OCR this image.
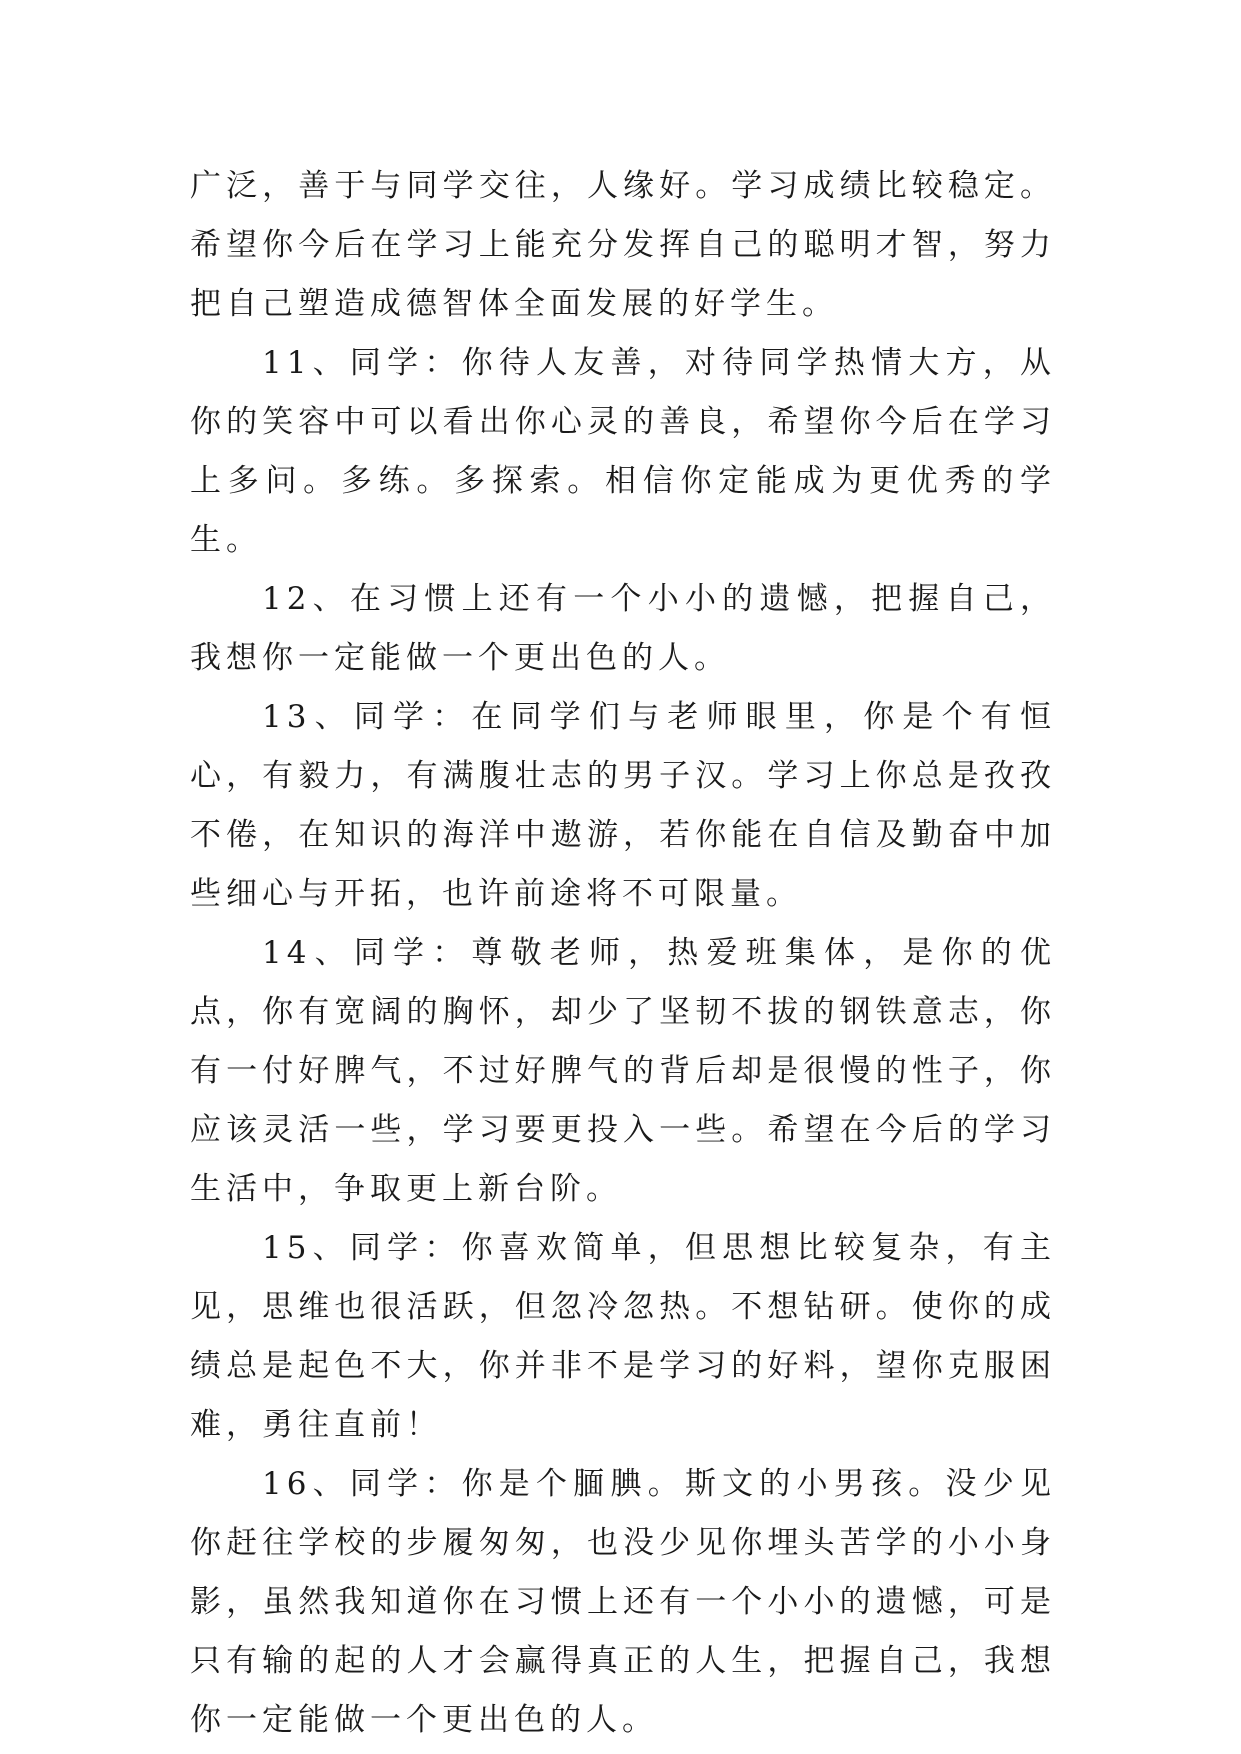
广泛，善于与同学交往，人缘好。学习成绩比较稳定。希望你今后在学习上能充分发挥自己的聪明才智，努力把自己塑造成德智体全面发展的好学生。

11、同学：你待人友善，对待同学热情大方，从你的笑容中可以看出你心灵的善良，希望你今后在学习上多问。多练。多探索。相信你定能成为更优秀的学生。

12、在习惯上还有一个小小的遗憾，把握自己，我想你一定能做一个更出色的人。

13、同学：在同学们与老师眼里，你是个有恒心，有毅力，有满腹壮志的男子汉。学习上你总是孜孜不倦，在知识的海洋中遨游，若你能在自信及勤奋中加些细心与开拓，也许前途将不可限量。

14、同学：尊敬老师，热爱班集体，是你的优点，你有宽阔的胸怀，却少了坚韧不拔的钢铁意志，你有一付好脾气，不过好脾气的背后却是很慢的性子，你应该灵活一些，学习要更投入一些。希望在今后的学习生活中，争取更上新台阶。

15、同学：你喜欢简单，但思想比较复杂，有主见，思维也很活跃，但忽冷忽热。不想钻研。使你的成绩总是起色不大，你并非不是学习的好料，望你克服困难，勇往直前！

16、同学：你是个腼腆。斯文的小男孩。没少见你赶往学校的步履匆匆，也没少见你埋头苦学的小小身影，虽然我知道你在习惯上还有一个小小的遗憾，可是只有输的起的人才会赢得真正的人生，把握自己，我想你一定能做一个更出色的人。
